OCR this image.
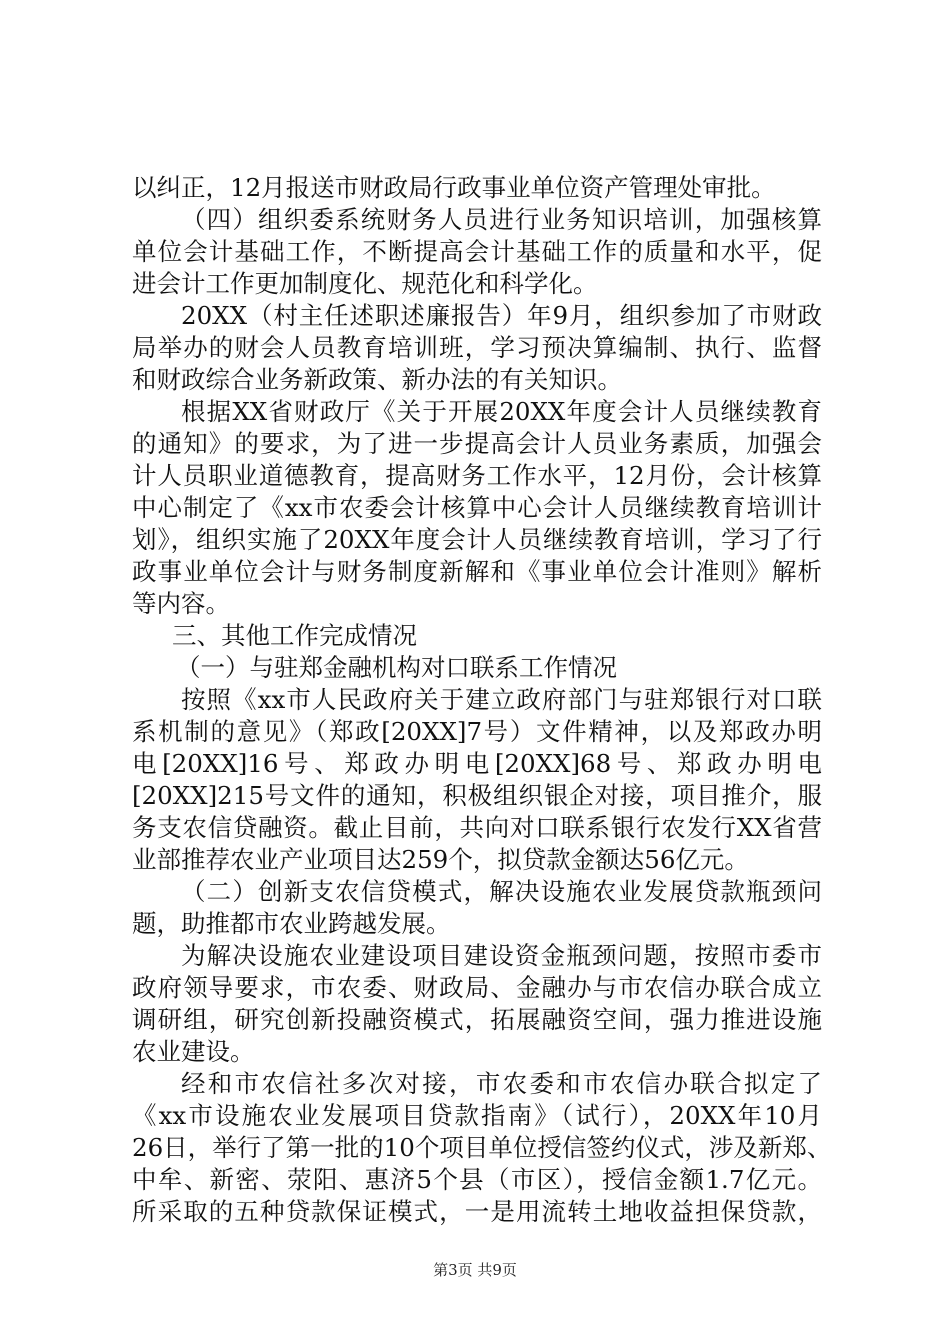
以纠正，12月报送市财政局行政事业单位资产管理处审批。
（四）组织委系统财务人员进行业务知识培训，加强核算
单位会计基础工作，不断提高会计基础工作的质量和水平，促
进会计工作更加制度化、规范化和科学化。
20XX（村主任述职述廉报告）年9月，组织参加了市财政
局举办的财会人员教育培训班，学习预决算编制、执行、监督
和财政综合业务新政策、新办法的有关知识。
根据XX省财政厅《关于开展20XX年度会计人员继续教育
的通知》的要求，为了进一步提高会计人员业务素质，加强会
计人员职业道德教育，提高财务工作水平，12月份，会计核算
中心制定了《xx市农委会计核算中心会计人员继续教育培训计
划》，组织实施了20XX年度会计人员继续教育培训，学习了行
政事业单位会计与财务制度新解和《事业单位会计准则》解析
等内容。
三、其他工作完成情况
（一）与驻郑金融机构对口联系工作情况
按照《xx市人民政府关于建立政府部门与驻郑银行对口联
系机制的意见》（郑政[20XX]7号）文件精神，以及郑政办明
电[20XX]16号、郑政办明电[20XX]68号、郑政办明电
[20XX]215号文件的通知，积极组织银企对接，项目推介，服
务支农信贷融资。截止目前，共向对口联系银行农发行XX省营
业部推荐农业产业项目达259个，拟贷款金额达56亿元。
（二）创新支农信贷模式，解决设施农业发展贷款瓶颈问
题，助推都市农业跨越发展。
为解决设施农业建设项目建设资金瓶颈问题，按照市委市
政府领导要求，市农委、财政局、金融办与市农信办联合成立
调研组，研究创新投融资模式，拓展融资空间，强力推进设施
农业建设。
经和市农信社多次对接，市农委和市农信办联合拟定了
《xx市设施农业发展项目贷款指南》（试行），20XX年10月
26日，举行了第一批的10个项目单位授信签约仪式，涉及新郑、
中牟、新密、荥阳、惠济5个县（市区），授信金额1.7亿元。
所采取的五种贷款保证模式，一是用流转土地收益担保贷款，
第3页 共9页
